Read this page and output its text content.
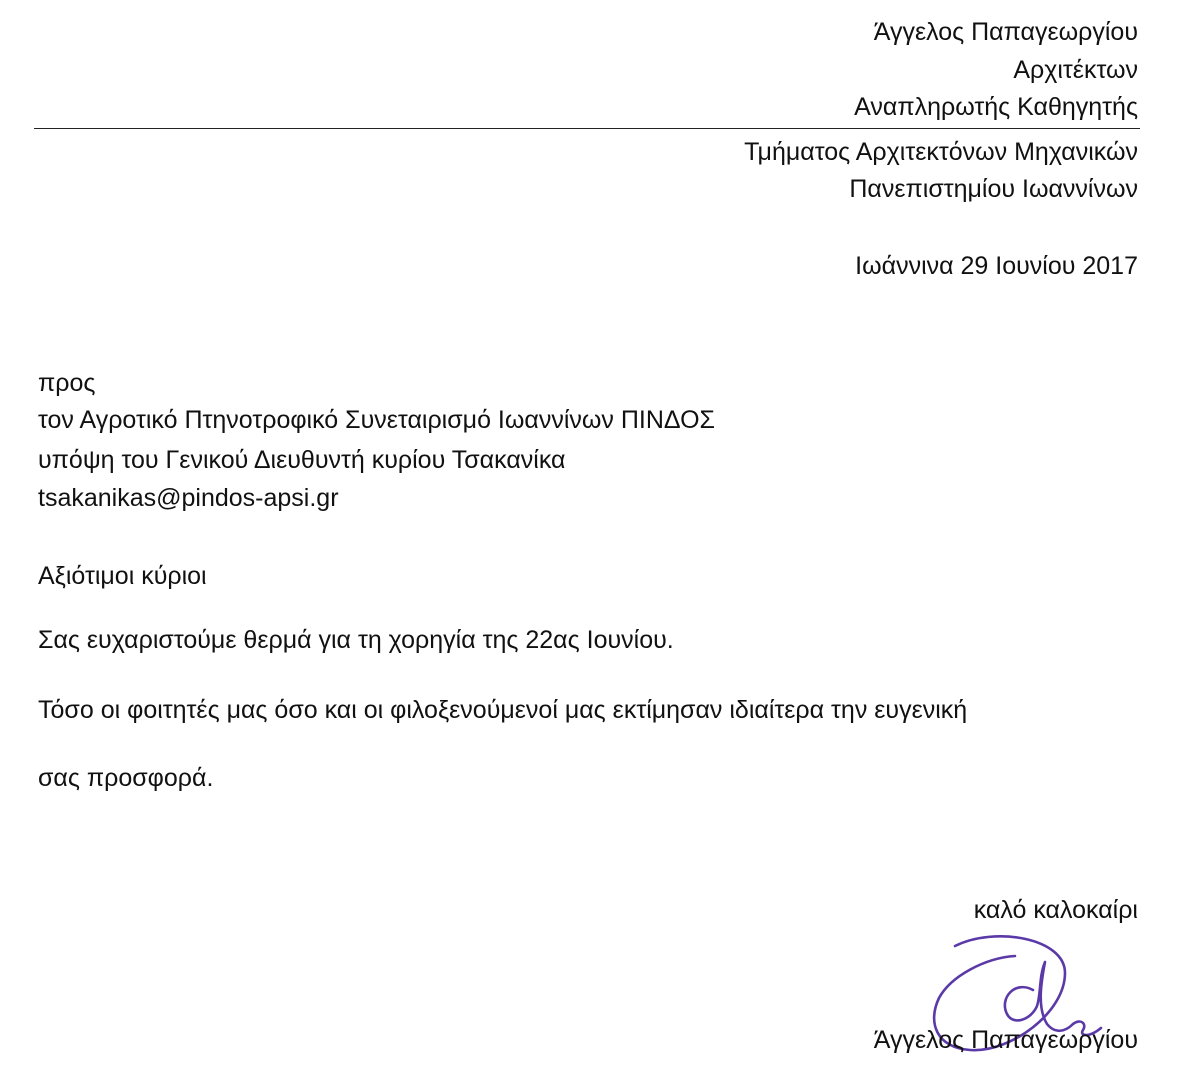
Άγγελος Παπαγεωργίου
Αρχιτέκτων
Αναπληρωτής Καθηγητής
Τμήματος Αρχιτεκτόνων Μηχανικών
Πανεπιστημίου Ιωαννίνων
Ιωάννινα 29 Ιουνίου 2017
προς
τον Αγροτικό Πτηνοτροφικό Συνεταιρισμό Ιωαννίνων ΠΙΝΔΟΣ
υπόψη του Γενικού Διευθυντή κυρίου Τσακανίκα
tsakanikas@pindos-apsi.gr
Αξιότιμοι κύριοι
Σας ευχαριστούμε θερμά για τη χορηγία της 22ας Ιουνίου.
Τόσο οι φοιτητές μας όσο και οι φιλοξενούμενοί μας εκτίμησαν ιδιαίτερα την ευγενική
σας προσφορά.
καλό καλοκαίρι
Άγγελος Παπαγεωργίου
